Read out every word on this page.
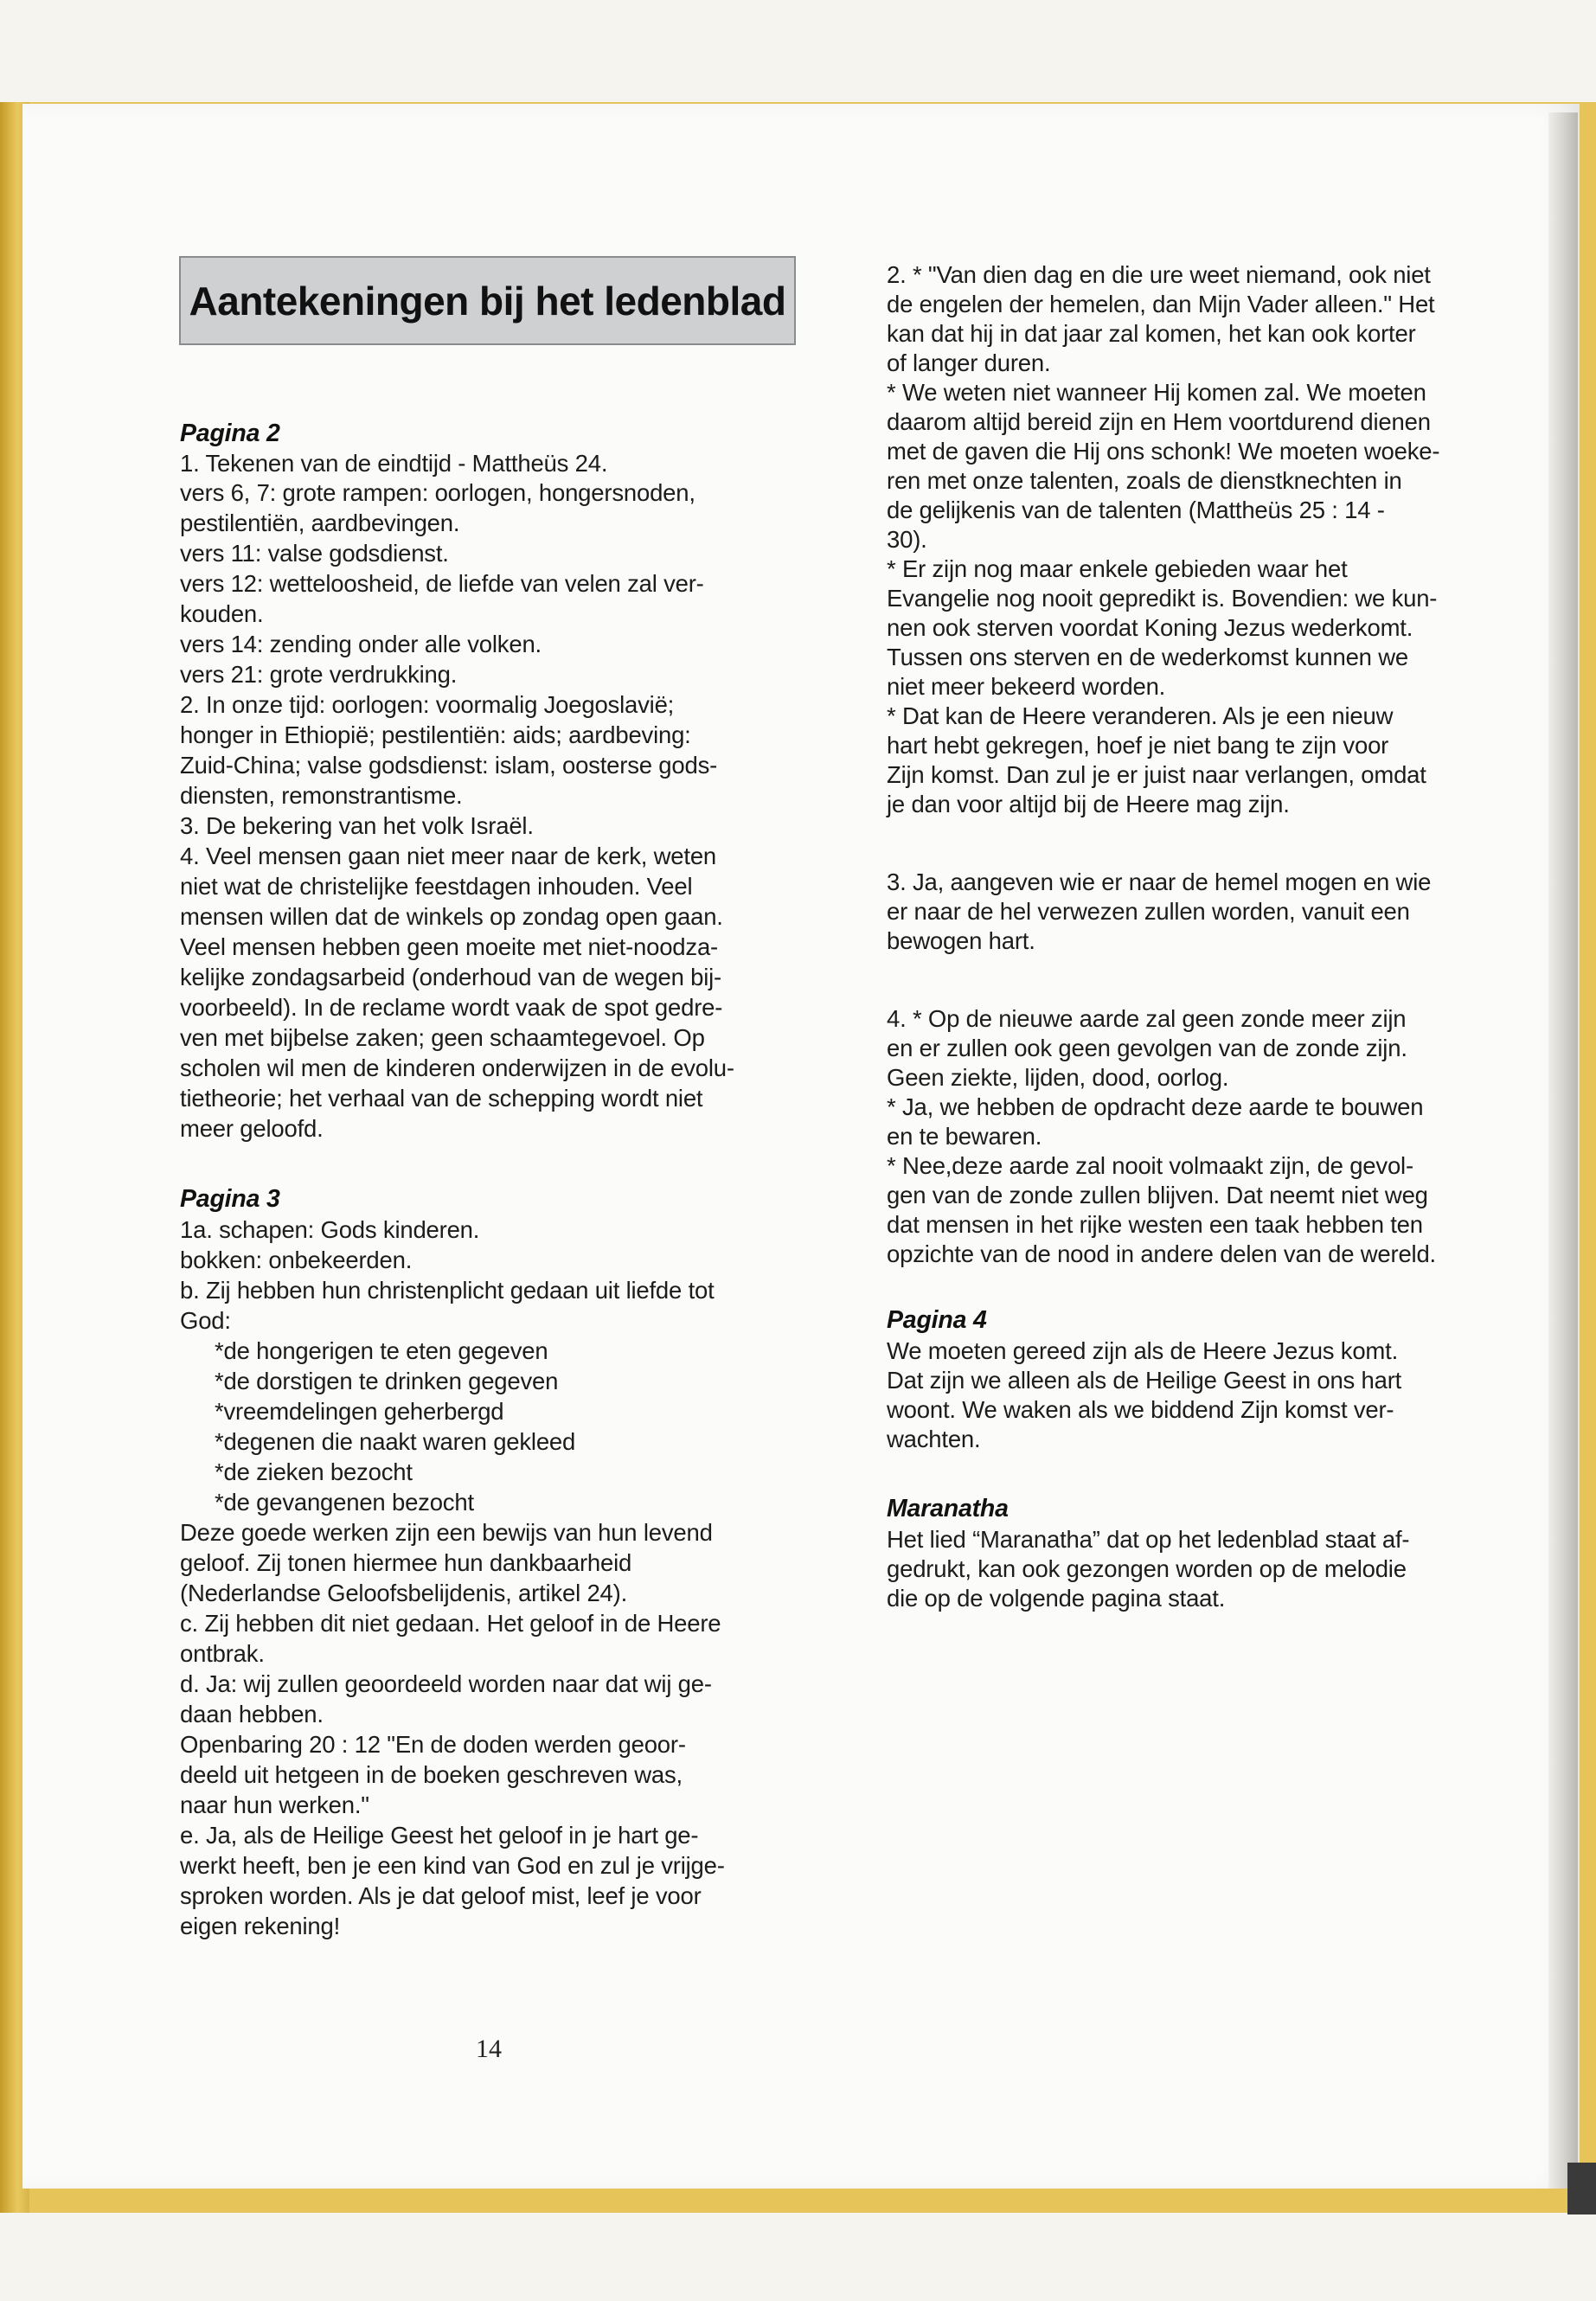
Aantekeningen bij het ledenblad
Pagina 2
1. Tekenen van de eindtijd - Mattheüs 24.
vers 6, 7: grote rampen: oorlogen, hongersnoden,
pestilentiën, aardbevingen.
vers 11: valse godsdienst.
vers 12: wetteloosheid, de liefde van velen zal ver-
kouden.
vers 14: zending onder alle volken.
vers 21: grote verdrukking.
2. In onze tijd: oorlogen: voormalig Joegoslavië;
honger in Ethiopië; pestilentiën: aids; aardbeving:
Zuid-China; valse godsdienst: islam, oosterse gods-
diensten, remonstrantisme.
3. De bekering van het volk Israël.
4. Veel mensen gaan niet meer naar de kerk, weten
niet wat de christelijke feestdagen inhouden. Veel
mensen willen dat de winkels op zondag open gaan.
Veel mensen hebben geen moeite met niet-noodza-
kelijke zondagsarbeid (onderhoud van de wegen bij-
voorbeeld). In de reclame wordt vaak de spot gedre-
ven met bijbelse zaken; geen schaamtegevoel. Op
scholen wil men de kinderen onderwijzen in de evolu-
tietheorie; het verhaal van de schepping wordt niet
meer geloofd.
Pagina 3
1a. schapen: Gods kinderen.
bokken: onbekeerden.
b. Zij hebben hun christenplicht gedaan uit liefde tot
God:
*de hongerigen te eten gegeven
*de dorstigen te drinken gegeven
*vreemdelingen geherbergd
*degenen die naakt waren gekleed
*de zieken bezocht
*de gevangenen bezocht
Deze goede werken zijn een bewijs van hun levend
geloof. Zij tonen hiermee hun dankbaarheid
(Nederlandse Geloofsbelijdenis, artikel 24).
c. Zij hebben dit niet gedaan. Het geloof in de Heere
ontbrak.
d. Ja: wij zullen geoordeeld worden naar dat wij ge-
daan hebben.
Openbaring 20 : 12 "En de doden werden geoor-
deeld uit hetgeen in de boeken geschreven was,
naar hun werken."
e. Ja, als de Heilige Geest het geloof in je hart ge-
werkt heeft, ben je een kind van God en zul je vrijge-
sproken worden. Als je dat geloof mist, leef je voor
eigen rekening!
2. * "Van dien dag en die ure weet niemand, ook niet
de engelen der hemelen, dan Mijn Vader alleen." Het
kan dat hij in dat jaar zal komen, het kan ook korter
of langer duren.
* We weten niet wanneer Hij komen zal. We moeten
daarom altijd bereid zijn en Hem voortdurend dienen
met de gaven die Hij ons schonk! We moeten woeke-
ren met onze talenten, zoals de dienstknechten in
de gelijkenis van de talenten (Mattheüs 25 : 14 -
30).
* Er zijn nog maar enkele gebieden waar het
Evangelie nog nooit gepredikt is. Bovendien: we kun-
nen ook sterven voordat Koning Jezus wederkomt.
Tussen ons sterven en de wederkomst kunnen we
niet meer bekeerd worden.
* Dat kan de Heere veranderen. Als je een nieuw
hart hebt gekregen, hoef je niet bang te zijn voor
Zijn komst. Dan zul je er juist naar verlangen, omdat
je dan voor altijd bij de Heere mag zijn.
3. Ja, aangeven wie er naar de hemel mogen en wie
er naar de hel verwezen zullen worden, vanuit een
bewogen hart.
4. * Op de nieuwe aarde zal geen zonde meer zijn
en er zullen ook geen gevolgen van de zonde zijn.
Geen ziekte, lijden, dood, oorlog.
* Ja, we hebben de opdracht deze aarde te bouwen
en te bewaren.
* Nee,deze aarde zal nooit volmaakt zijn, de gevol-
gen van de zonde zullen blijven. Dat neemt niet weg
dat mensen in het rijke westen een taak hebben ten
opzichte van de nood in andere delen van de wereld.
Pagina 4
We moeten gereed zijn als de Heere Jezus komt.
Dat zijn we alleen als de Heilige Geest in ons hart
woont. We waken als we biddend Zijn komst ver-
wachten.
Maranatha
Het lied “Maranatha” dat op het ledenblad staat af-
gedrukt, kan ook gezongen worden op de melodie
die op de volgende pagina staat.
14
